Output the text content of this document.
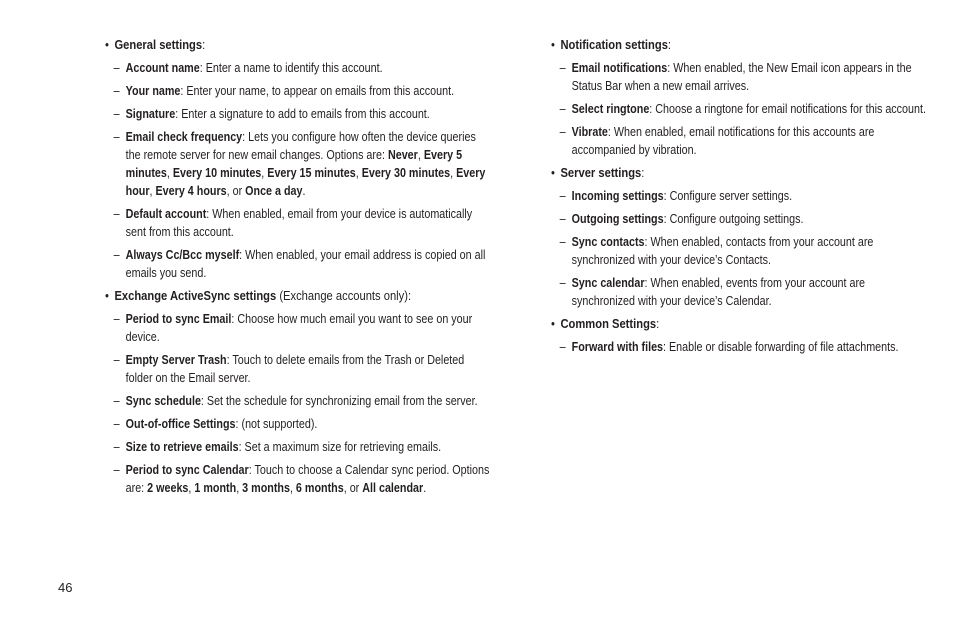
• General settings:
– Account name: Enter a name to identify this account.
– Your name: Enter your name, to appear on emails from this account.
– Signature: Enter a signature to add to emails from this account.
– Email check frequency: Lets you configure how often the device queries the remote server for new email changes. Options are: Never, Every 5 minutes, Every 10 minutes, Every 15 minutes, Every 30 minutes, Every hour, Every 4 hours, or Once a day.
– Default account: When enabled, email from your device is automatically sent from this account.
– Always Cc/Bcc myself: When enabled, your email address is copied on all emails you send.
• Exchange ActiveSync settings (Exchange accounts only):
– Period to sync Email: Choose how much email you want to see on your device.
– Empty Server Trash: Touch to delete emails from the Trash or Deleted folder on the Email server.
– Sync schedule: Set the schedule for synchronizing email from the server.
– Out-of-office Settings: (not supported).
– Size to retrieve emails: Set a maximum size for retrieving emails.
– Period to sync Calendar: Touch to choose a Calendar sync period. Options are: 2 weeks, 1 month, 3 months, 6 months, or All calendar.
• Notification settings:
– Email notifications: When enabled, the New Email icon appears in the Status Bar when a new email arrives.
– Select ringtone: Choose a ringtone for email notifications for this account.
– Vibrate: When enabled, email notifications for this accounts are accompanied by vibration.
• Server settings:
– Incoming settings: Configure server settings.
– Outgoing settings: Configure outgoing settings.
– Sync contacts: When enabled, contacts from your account are synchronized with your device’s Contacts.
– Sync calendar: When enabled, events from your account are synchronized with your device’s Calendar.
• Common Settings:
– Forward with files: Enable or disable forwarding of file attachments.
46
